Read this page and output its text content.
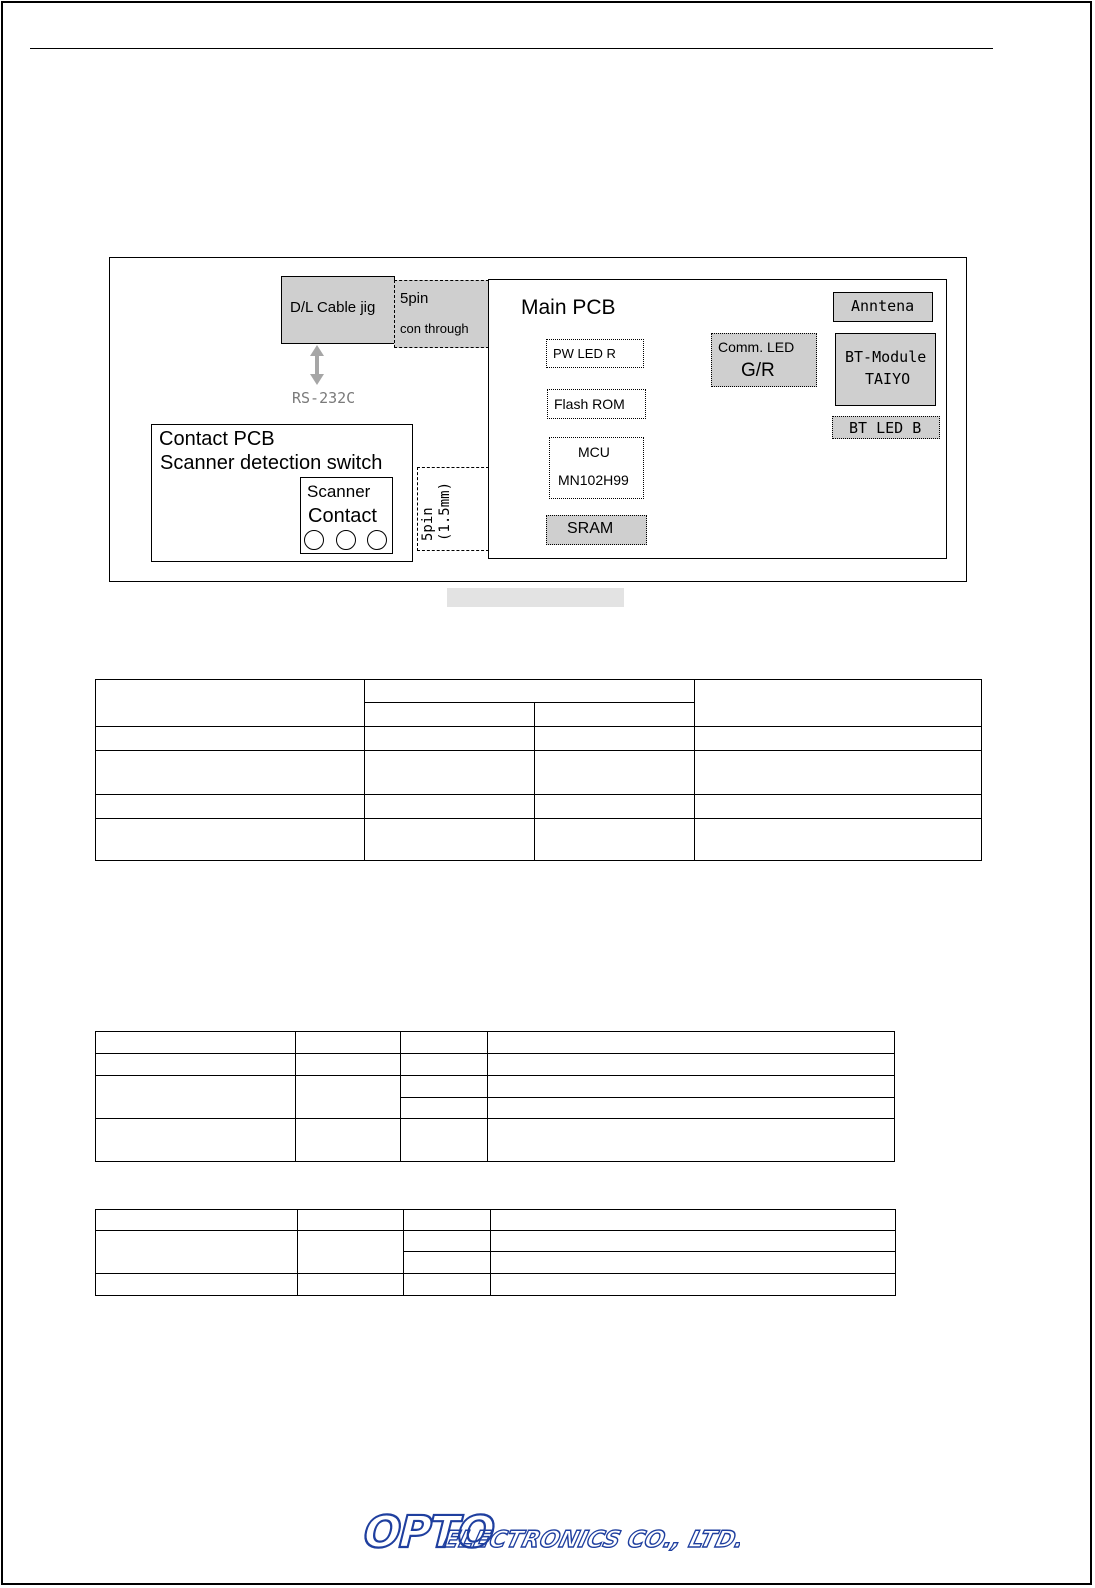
D/L Cable jig
5pin
con through
RS-232C
Contact PCB
Scanner detection switch
Scanner
Contact	5pin (1.5mm)
Main PCB
PW LED R
Flash ROM
MCU
MN102H99
SRAM
Comm. LED
G/R
Anntena
BT-Module
TAIYO
BT LED B

OPTO
ELECTRONICS CO., LTD.
